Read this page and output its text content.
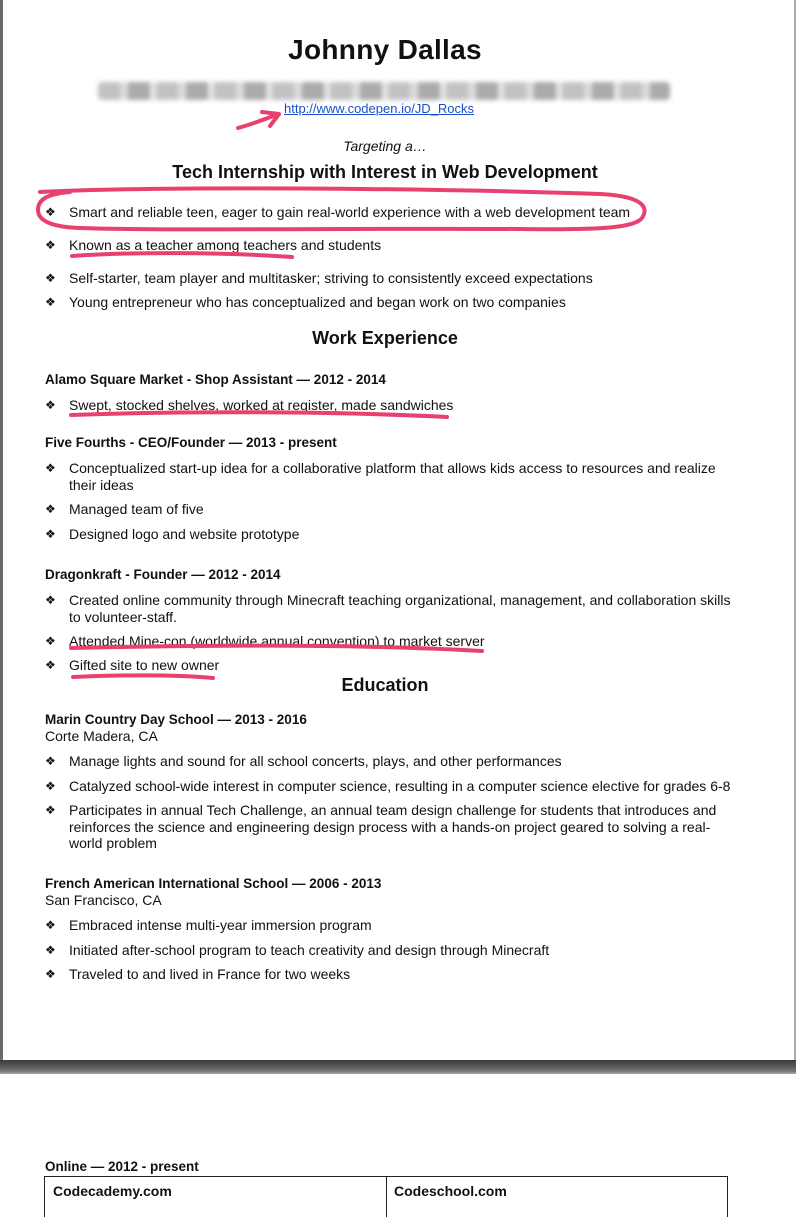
Johnny Dallas
http://www.codepen.io/JD_Rocks
Targeting a…
Tech Internship with Interest in Web Development
❖ Smart and reliable teen, eager to gain real-world experience with a web development team
❖ Known as a teacher among teachers and students
❖ Self-starter, team player and multitasker; striving to consistently exceed expectations
❖ Young entrepreneur who has conceptualized and began work on two companies
Work Experience
Alamo Square Market - Shop Assistant — 2012 - 2014
❖ Swept, stocked shelves, worked at register, made sandwiches
Five Fourths - CEO/Founder — 2013 - present
❖ Conceptualized start-up idea for a collaborative platform that allows kids access to resources and realize their ideas
❖ Managed team of five
❖ Designed logo and website prototype
Dragonkraft - Founder — 2012 - 2014
❖ Created online community through Minecraft teaching organizational, management, and collaboration skills to volunteer-staff.
❖ Attended Mine-con (worldwide annual convention) to market server
❖ Gifted site to new owner
Education
Marin Country Day School — 2013 - 2016
Corte Madera, CA
❖ Manage lights and sound for all school concerts, plays, and other performances
❖ Catalyzed school-wide interest in computer science, resulting in a computer science elective for grades 6-8
❖ Participates in annual Tech Challenge, an annual team design challenge for students that introduces and reinforces the science and engineering design process with a hands-on project geared to solving a real-world problem
French American International School — 2006 - 2013
San Francisco, CA
❖ Embraced intense multi-year immersion program
❖ Initiated after-school program to teach creativity and design through Minecraft
❖ Traveled to and lived in France for two weeks
Online — 2012 - present
Codecademy.com	Codeschool.com
